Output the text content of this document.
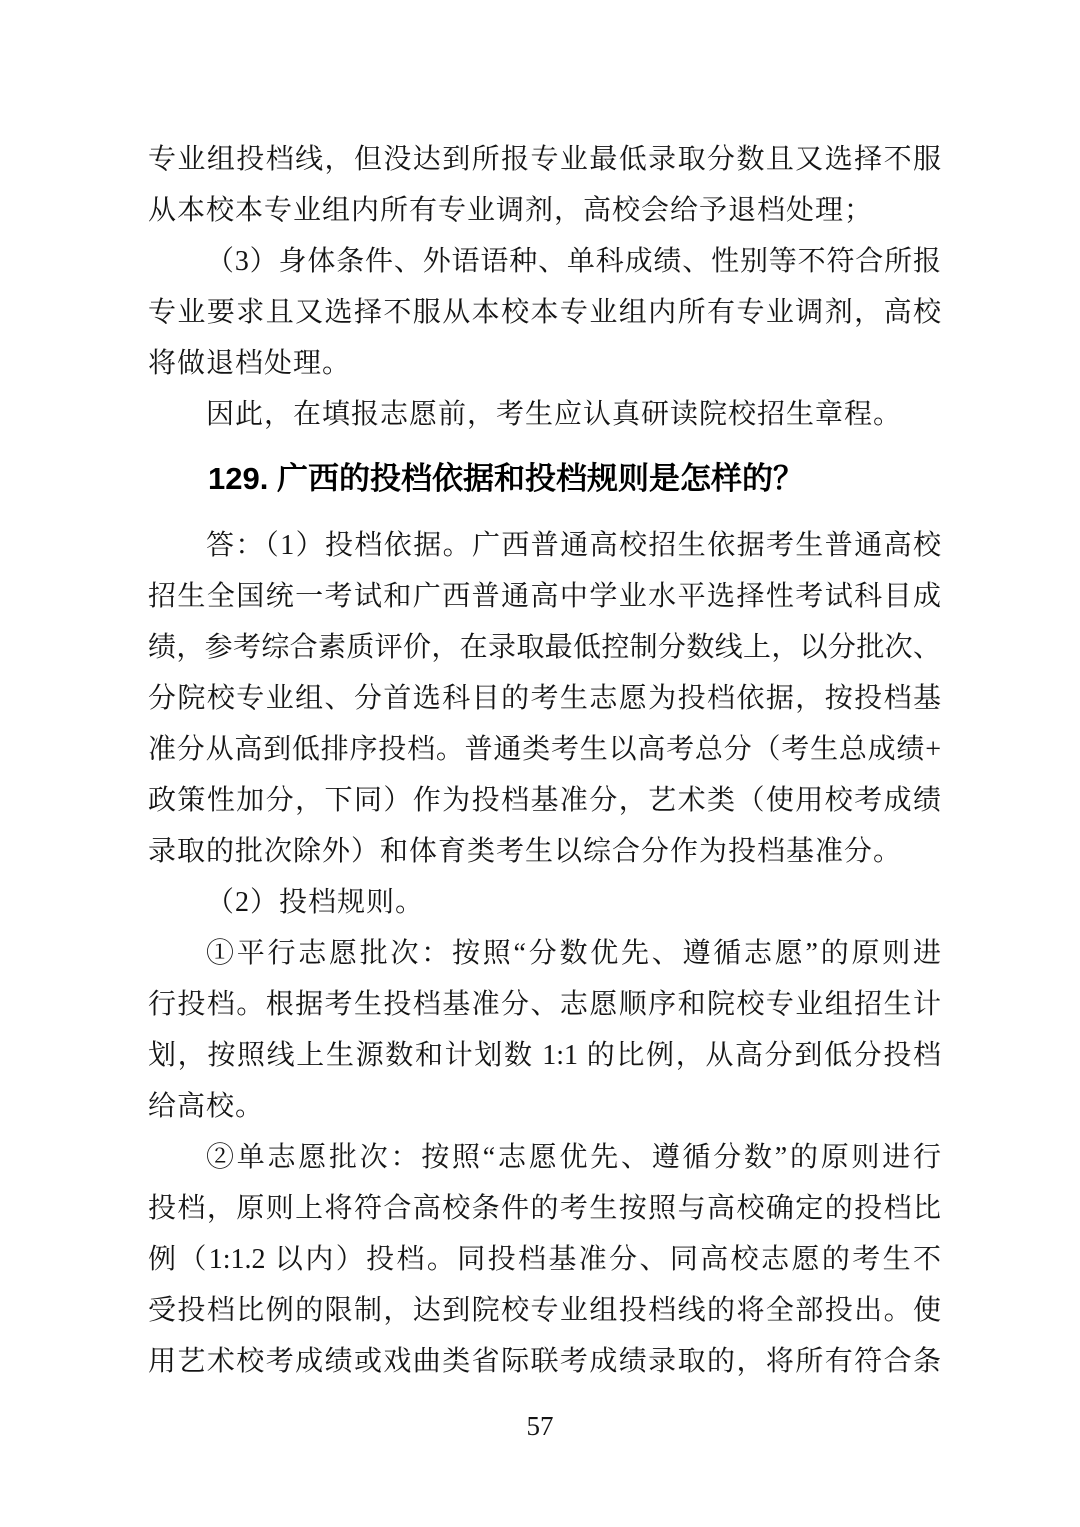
专业组投档线，但没达到所报专业最低录取分数且又选择不服
从本校本专业组内所有专业调剂，高校会给予退档处理；
（3）身体条件、外语语种、单科成绩、性别等不符合所报
专业要求且又选择不服从本校本专业组内所有专业调剂，高校
将做退档处理。
因此，在填报志愿前，考生应认真研读院校招生章程。
129. 广西的投档依据和投档规则是怎样的？
答：（1）投档依据。广西普通高校招生依据考生普通高校
招生全国统一考试和广西普通高中学业水平选择性考试科目成
绩，参考综合素质评价，在录取最低控制分数线上，以分批次、
分院校专业组、分首选科目的考生志愿为投档依据，按投档基
准分从高到低排序投档。普通类考生以高考总分（考生总成绩+
政策性加分，下同）作为投档基准分，艺术类（使用校考成绩
录取的批次除外）和体育类考生以综合分作为投档基准分。
（2）投档规则。
①平行志愿批次：按照“分数优先、遵循志愿”的原则进
行投档。根据考生投档基准分、志愿顺序和院校专业组招生计
划，按照线上生源数和计划数 1:1 的比例，从高分到低分投档
给高校。
②单志愿批次：按照“志愿优先、遵循分数”的原则进行
投档，原则上将符合高校条件的考生按照与高校确定的投档比
例（1:1.2 以内）投档。同投档基准分、同高校志愿的考生不
受投档比例的限制，达到院校专业组投档线的将全部投出。使
用艺术校考成绩或戏曲类省际联考成绩录取的，将所有符合条
57
